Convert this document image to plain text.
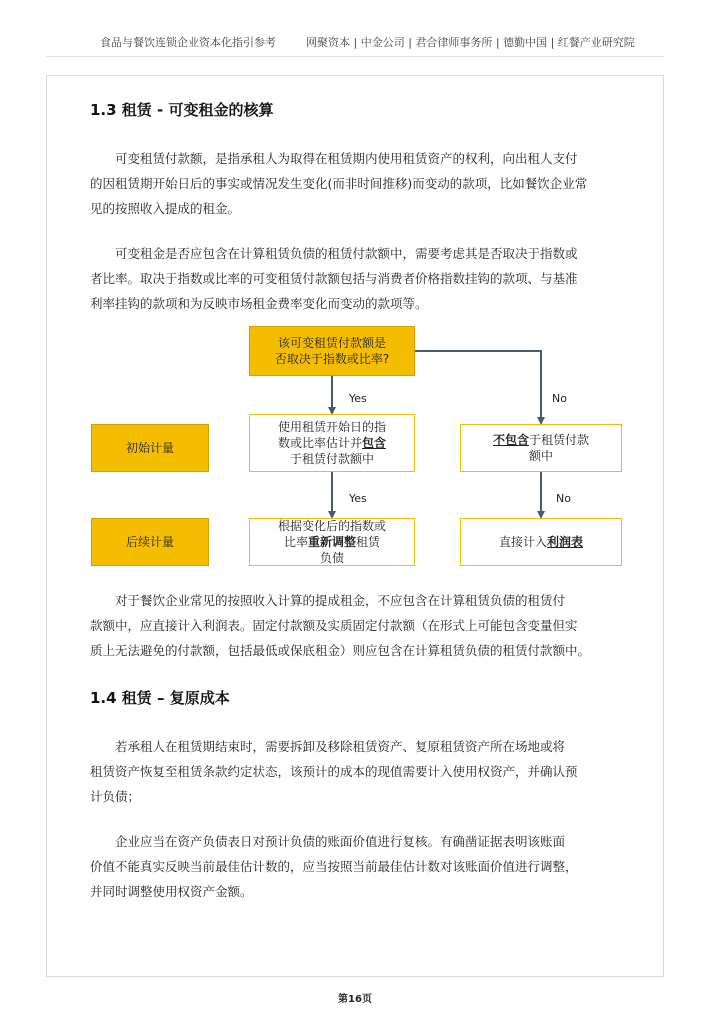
食品与餐饮连锁企业资本化指引参考	网聚资本 | 中金公司 | 君合律师事务所 | 德勤中国 | 红餐产业研究院
1.3 租赁 - 可变租金的核算

可变租赁付款额，是指承租人为取得在租赁期内使用租赁资产的权利，向出租人支付
的因租赁期开始日后的事实或情况发生变化(而非时间推移)而变动的款项，比如餐饮企业常
见的按照收入提成的租金。

可变租金是否应包含在计算租赁负债的租赁付款额中，需要考虑其是否取决于指数或
者比率。取决于指数或比率的可变租赁付款额包括与消费者价格指数挂钩的款项、与基准
利率挂钩的款项和为反映市场租金费率变化而变动的款项等。

该可变租赁付款额是
否取决于指数或比率?
Yes	No
初始计量
使用租赁开始日的指
数或比率估计并包含
于租赁付款额中
不包含于租赁付款
额中
Yes	No
后续计量
根据变化后的指数或
比率重新调整租赁
负债
直接计入利润表

对于餐饮企业常见的按照收入计算的提成租金，不应包含在计算租赁负债的租赁付
款额中，应直接计入利润表。固定付款额及实质固定付款额（在形式上可能包含变量但实
质上无法避免的付款额，包括最低或保底租金）则应包含在计算租赁负债的租赁付款额中。

1.4 租赁 – 复原成本

若承租人在租赁期结束时，需要拆卸及移除租赁资产、复原租赁资产所在场地或将
租赁资产恢复至租赁条款约定状态，该预计的成本的现值需要计入使用权资产，并确认预
计负债；

企业应当在资产负债表日对预计负债的账面价值进行复核。有确凿证据表明该账面
价值不能真实反映当前最佳估计数的，应当按照当前最佳估计数对该账面价值进行调整，
并同时调整使用权资产金额。

第16页
